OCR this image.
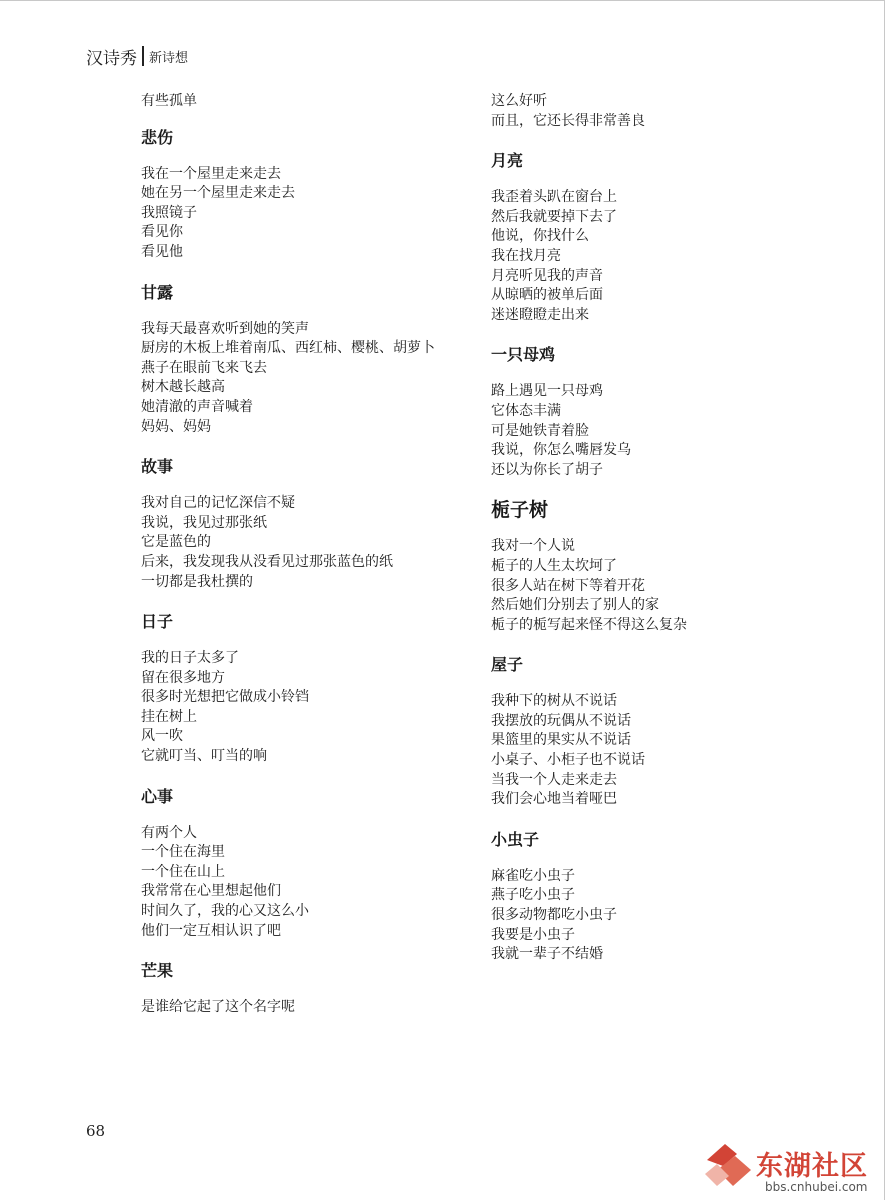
汉诗秀 新诗想
有些孤单
悲伤
我在一个屋里走来走去
她在另一个屋里走来走去
我照镜子
看见你
看见他
甘露
我每天最喜欢听到她的笑声
厨房的木板上堆着南瓜、西红柿、樱桃、胡萝卜
燕子在眼前飞来飞去
树木越长越高
她清澈的声音喊着
妈妈、妈妈
故事
我对自己的记忆深信不疑
我说，我见过那张纸
它是蓝色的
后来，我发现我从没看见过那张蓝色的纸
一切都是我杜撰的
日子
我的日子太多了
留在很多地方
很多时光想把它做成小铃铛
挂在树上
风一吹
它就叮当、叮当的响
心事
有两个人
一个住在海里
一个住在山上
我常常在心里想起他们
时间久了，我的心又这么小
他们一定互相认识了吧
芒果
是谁给它起了这个名字呢
这么好听
而且，它还长得非常善良
月亮
我歪着头趴在窗台上
然后我就要掉下去了
他说，你找什么
我在找月亮
月亮听见我的声音
从晾晒的被单后面
迷迷瞪瞪走出来
一只母鸡
路上遇见一只母鸡
它体态丰满
可是她铁青着脸
我说，你怎么嘴唇发乌
还以为你长了胡子
栀子树
我对一个人说
栀子的人生太坎坷了
很多人站在树下等着开花
然后她们分别去了别人的家
栀子的栀写起来怪不得这么复杂
屋子
我种下的树从不说话
我摆放的玩偶从不说话
果篮里的果实从不说话
小桌子、小柜子也不说话
当我一个人走来走去
我们会心地当着哑巴
小虫子
麻雀吃小虫子
燕子吃小虫子
很多动物都吃小虫子
我要是小虫子
我就一辈子不结婚
68
东湖社区
bbs.cnhubei.com
